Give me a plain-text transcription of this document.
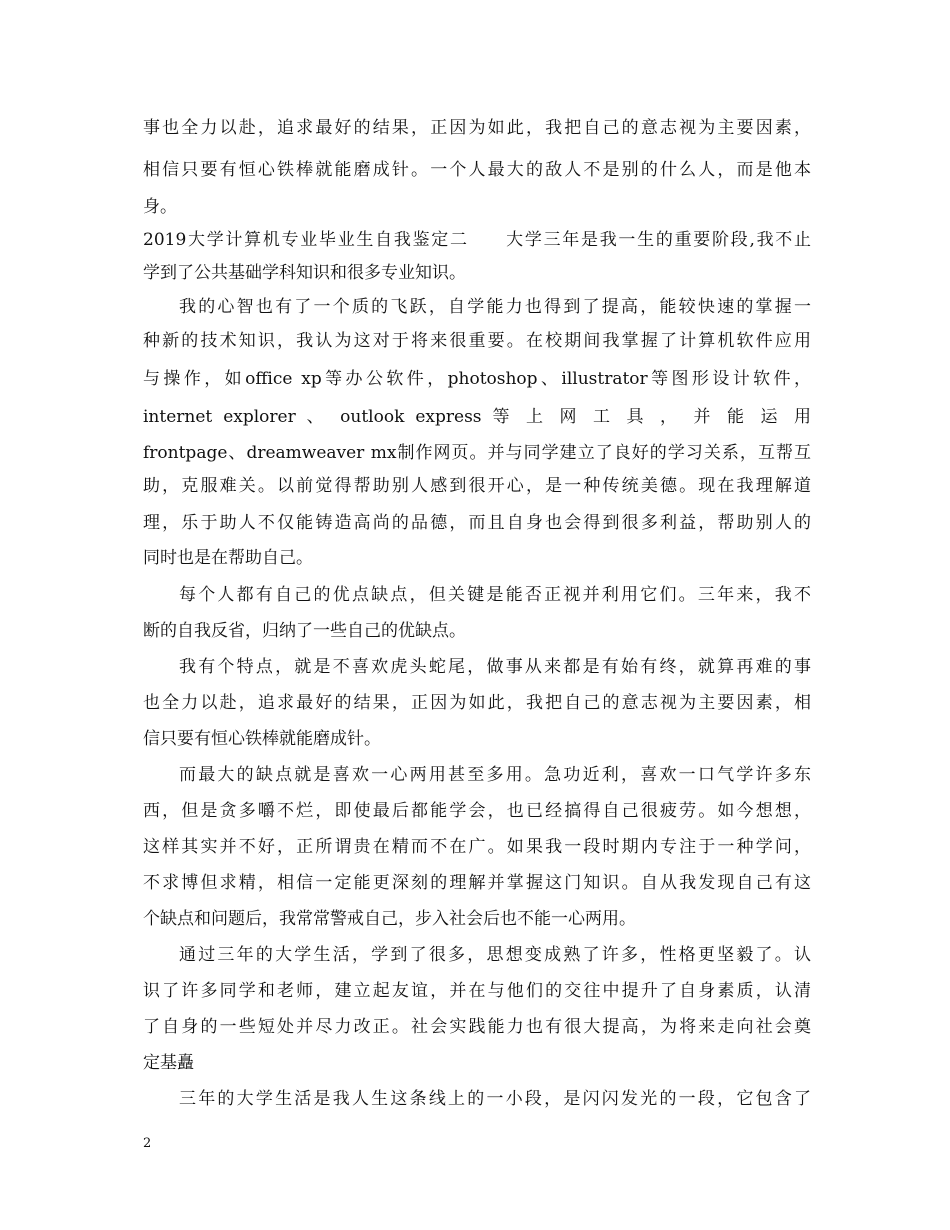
事也全力以赴，追求最好的结果，正因为如此，我把自己的意志视为主要因素，
相信只要有恒心铁棒就能磨成针。一个人最大的敌人不是别的什么人，而是他本
身。
2019大学计算机专业毕业生自我鉴定二　　大学三年是我一生的重要阶段,我不止
学到了公共基础学科知识和很多专业知识。
我的心智也有了一个质的飞跃，自学能力也得到了提高，能较快速的掌握一
种新的技术知识，我认为这对于将来很重要。在校期间我掌握了计算机软件应用
与操作，如office xp等办公软件，photoshop、illustrator等图形设计软件，
internet explorer 、 outlook express 等 上 网 工 具 ， 并 能 运 用
frontpage、dreamweaver mx制作网页。并与同学建立了良好的学习关系，互帮互
助，克服难关。以前觉得帮助别人感到很开心，是一种传统美德。现在我理解道
理，乐于助人不仅能铸造高尚的品德，而且自身也会得到很多利益，帮助别人的
同时也是在帮助自己。
每个人都有自己的优点缺点，但关键是能否正视并利用它们。三年来，我不
断的自我反省，归纳了一些自己的优缺点。
我有个特点，就是不喜欢虎头蛇尾，做事从来都是有始有终，就算再难的事
也全力以赴，追求最好的结果，正因为如此，我把自己的意志视为主要因素，相
信只要有恒心铁棒就能磨成针。
而最大的缺点就是喜欢一心两用甚至多用。急功近利，喜欢一口气学许多东
西，但是贪多嚼不烂，即使最后都能学会，也已经搞得自己很疲劳。如今想想，
这样其实并不好，正所谓贵在精而不在广。如果我一段时期内专注于一种学问，
不求博但求精，相信一定能更深刻的理解并掌握这门知识。自从我发现自己有这
个缺点和问题后，我常常警戒自己，步入社会后也不能一心两用。
通过三年的大学生活，学到了很多，思想变成熟了许多，性格更坚毅了。认
识了许多同学和老师，建立起友谊，并在与他们的交往中提升了自身素质，认清
了自身的一些短处并尽力改正。社会实践能力也有很大提高，为将来走向社会奠
定基矗
三年的大学生活是我人生这条线上的一小段，是闪闪发光的一段，它包含了
2
